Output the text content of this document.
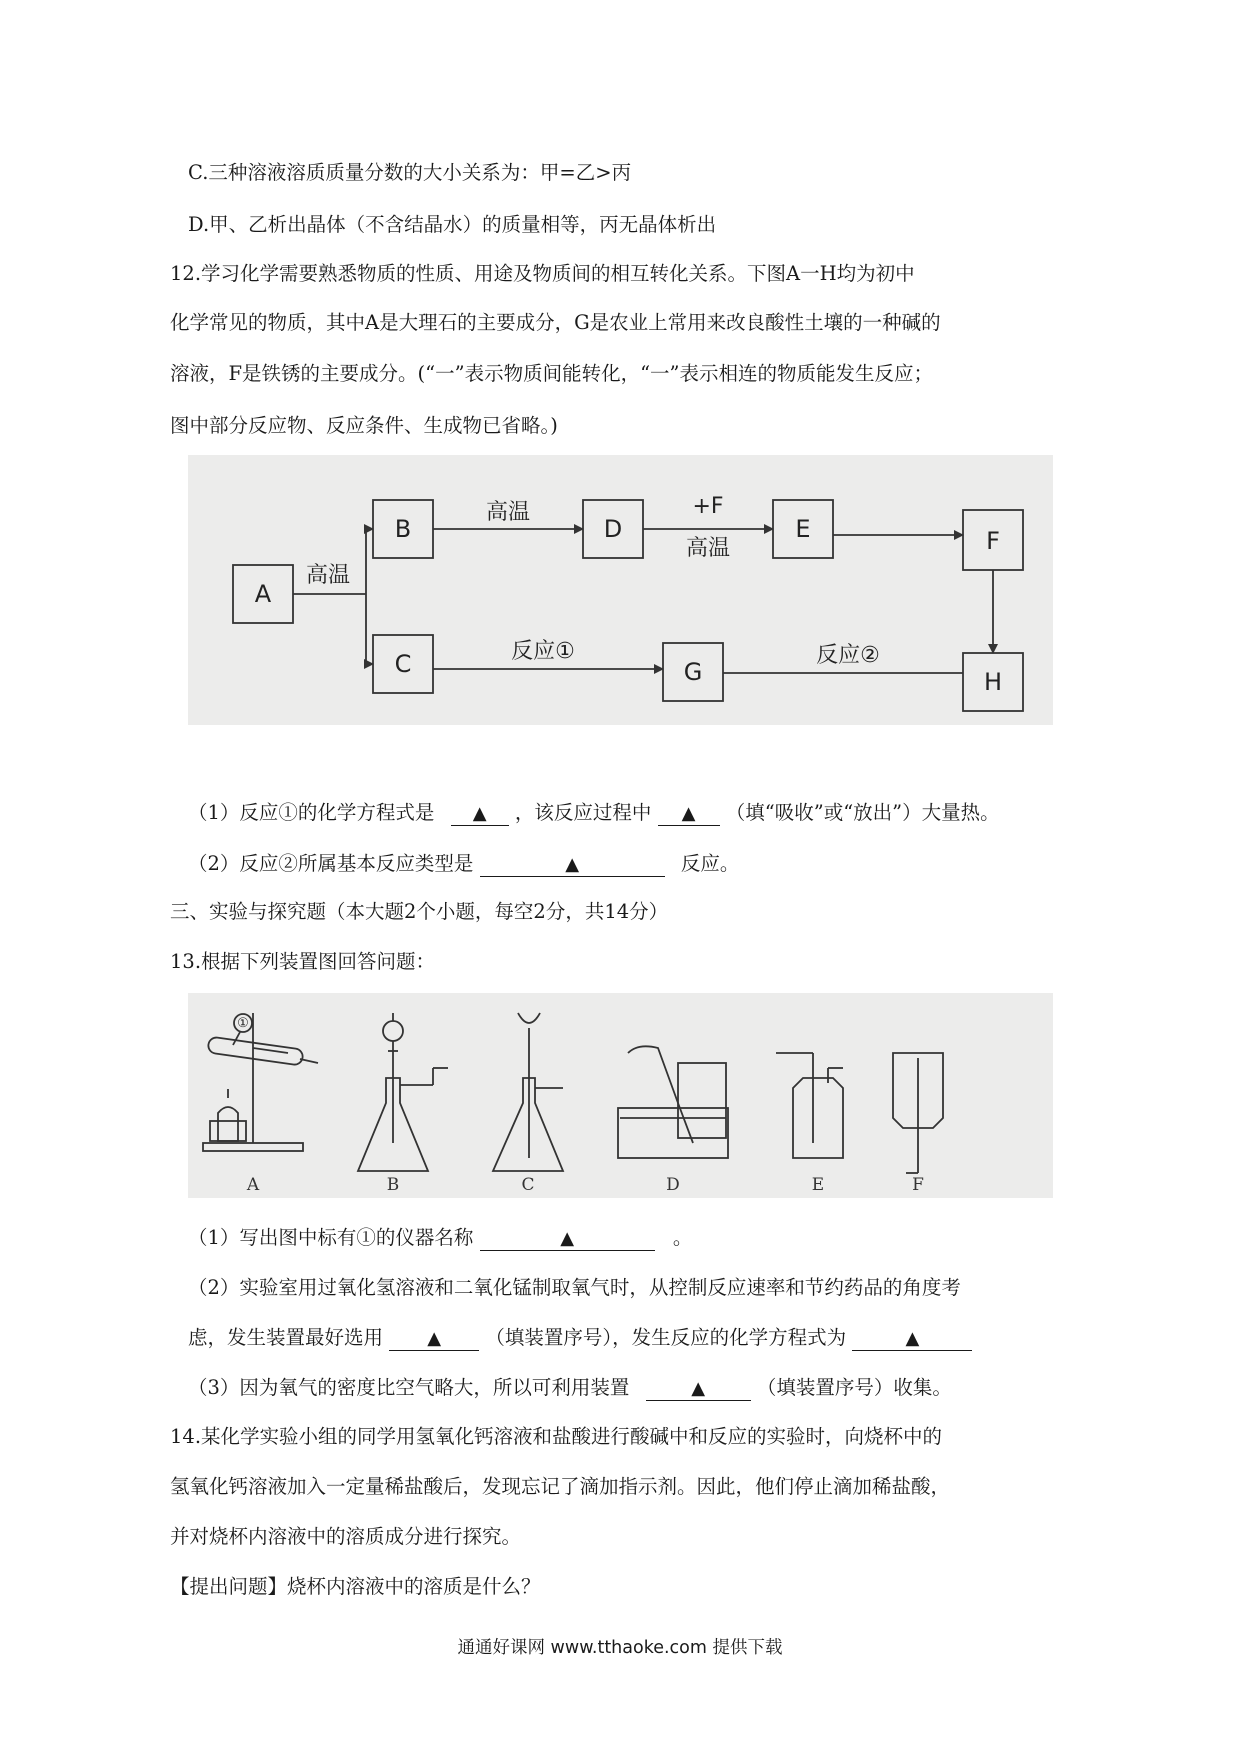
C.三种溶液溶质质量分数的大小关系为：甲=乙>丙
D.甲、乙析出晶体（不含结晶水）的质量相等，丙无晶体析出
12.学习化学需要熟悉物质的性质、用途及物质间的相互转化关系。下图A一H均为初中
化学常见的物质，其中A是大理石的主要成分，G是农业上常用来改良酸性土壤的一种碱的
溶液，F是铁锈的主要成分。(“一”表示物质间能转化，“一”表示相连的物质能发生反应；
图中部分反应物、反应条件、生成物已省略。)
A
B	D	E	F
C	G	H
高温
高温	+F
高温
反应①	反应②
（1）反应①的化学方程式是 ▲ ，该反应过程中 ▲ （填“吸收”或“放出”）大量热。
（2）反应②所属基本反应类型是	▲	反应。
三、实验与探究题（本大题2个小题，每空2分，共14分）
13.根据下列装置图回答问题：
①
A	B	C	D	E	F
（1）写出图中标有①的仪器名称	▲	。
（2）实验室用过氧化氢溶液和二氧化锰制取氧气时，从控制反应速率和节约药品的角度考
虑，发生装置最好选用 ▲ （填装置序号），发生反应的化学方程式为	▲
（3）因为氧气的密度比空气略大，所以可利用装置	▲	（填装置序号）收集。
14.某化学实验小组的同学用氢氧化钙溶液和盐酸进行酸碱中和反应的实验时，向烧杯中的
氢氧化钙溶液加入一定量稀盐酸后，发现忘记了滴加指示剂。因此，他们停止滴加稀盐酸，
并对烧杯内溶液中的溶质成分进行探究。
【提出问题】烧杯内溶液中的溶质是什么？
通通好课网 www.tthaoke.com 提供下载
